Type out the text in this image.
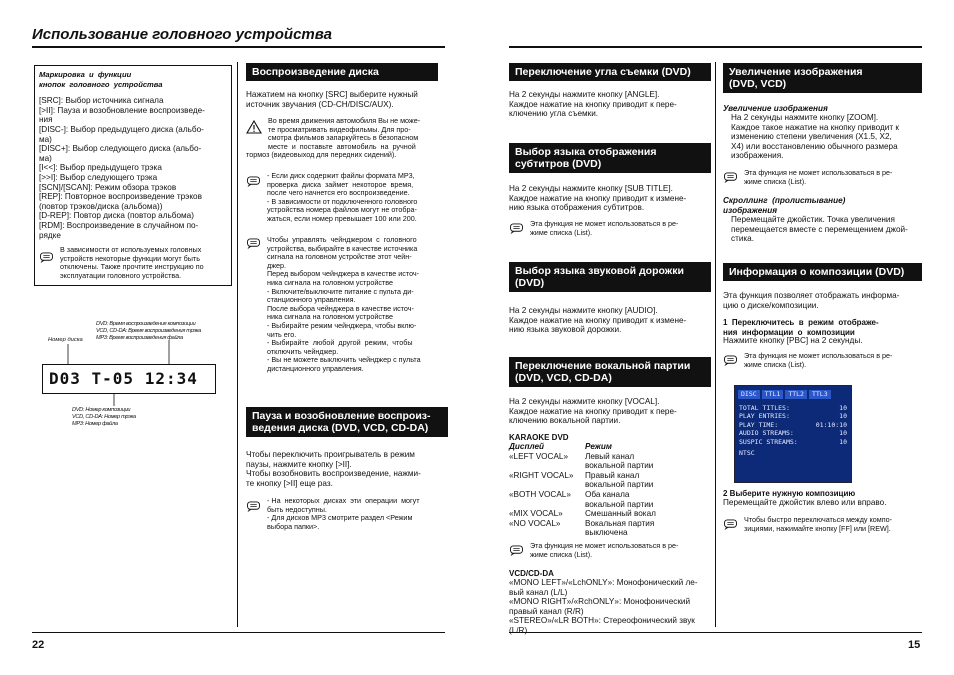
Использование головного устройства
22	15
Маркировка  и  функции
кнопок  головного  устройства
[SRC]: Выбор источника сигнала
[>II]: Пауза и возобновление воспроизведе-
ния
[DISC-]: Выбор предыдущего диска (альбо-
ма)
[DISC+]: Выбор следующего диска (альбо-
ма)
[I<<]: Выбор предыдущего трэка
[>>I]: Выбор следующего трэка
[SCN]/[SCAN]: Режим обзора трэков
[REP]: Повторное воспроизведение трэков
(повтор трэков/диска (альбома))
[D-REP]: Повтор диска (повтор альбома)
[RDM]: Воспроизведение в случайном по-
рядке
В зависимости от используемых головных
устройств некоторые функции могут быть
отключены. Также прочтите инструкцию по
эксплуатации головного устройства.
DVD: Время воспроизведения композиции
VCD, CD-DA: Время воспроизведения трэка
MP3: Время воспроизведения файла
Номер диска
D03 T-05 12:34
DVD: Номер композиции
VCD, CD-DA: Номер трэка
MP3: Номер файла
Воспроизведение диска
Нажатием на кнопку [SRC] выберите нужный
источник звучания (CD-CH/DISC/AUX).
Во время движения автомобиля Вы не може-
те просматривать видеофильмы. Для про-
смотра фильмов запаркуйтесь в безопасном
месте  и  поставьте  автомобиль  на  ручной
тормоз (видеовыход для передних сидений).
- Если диск содержит файлы формата MP3,
проверка  диска  займет  некоторое  время,
после чего начнется его воспроизведение.
- В зависимости от подключенного головного
устройства номера файлов могут не отобра-
жаться, если номер превышает 100 или 200.
Чтобы  управлять  чейнджером  с  головного
устройства, выбирайте в качестве источника
сигнала на головном устройстве этот чейн-
джер.
Перед выбором чейнджера в качестве источ-
ника сигнала на головном устройстве
- Включите/выключите питание с пульта ди-
станционного управления.
После выбора чейнджера в качестве источ-
ника сигнала на головном устройстве
- Выбирайте режим чейнджера, чтобы вклю-
чить его.
- Выбирайте  любой  другой  режим,  чтобы
отключить чейнджер.
- Вы не можете выключить чейнджер с пульта
дистанционного управления.
Пауза и возобновление воспроиз-
ведения диска (DVD, VCD, CD-DA)
Чтобы переключить проигрыватель в режим
паузы, нажмите кнопку [>II].
Чтобы возобновить воспроизведение, нажми-
те кнопку [>II] еще раз.
- На  некоторых  дисках  эти  операции  могут
быть недоступны.
- Для дисков MP3 смотрите раздел <Режим
выбора папки>.
Переключение угла съемки (DVD)
На 2 секунды нажмите кнопку [ANGLE].
Каждое нажатие на кнопку приводит к пере-
ключению угла съемки.
Выбор языка отображения
субтитров (DVD)
На 2 секунды нажмите кнопку [SUB TITLE].
Каждое нажатие на кнопку приводит к измене-
нию языка отображения субтитров.
Эта функция не может использоваться в ре-
жиме списка (List).
Выбор языка звуковой дорожки
(DVD)
На 2 секунды нажмите кнопку [AUDIO].
Каждое нажатие на кнопку приводит к измене-
нию языка звуковой дорожки.
Переключение вокальной партии
(DVD, VCD, CD-DA)
На 2 секунды нажмите кнопку [VOCAL].
Каждое нажатие на кнопку приводит к пере-
ключению вокальной партии.
KARAOKE DVD
Дисплей	Режим
«LEFT VOCAL»	Левый канал
вокальной партии
«RIGHT VOCAL»	Правый канал
вокальной партии
«BOTH VOCAL»	Оба канала
вокальной партии
«MIX VOCAL»	Смешанный вокал
«NO VOCAL»	Вокальная партия
выключена
Эта функция не может использоваться в ре-
жиме списка (List).
VCD/CD-DA
«MONO LEFT»/«LchONLY»: Монофонический ле-
вый канал (L/L)
«MONO RIGHT»/«RchONLY»: Монофонический
правый канал (R/R)
«STEREO»/«LR BOTH»: Стереофонический звук
(L/R)
Увеличение изображения
(DVD, VCD)
Увеличение изображения
На 2 секунды нажмите кнопку [ZOOM].
Каждое такое нажатие на кнопку приводит к
изменению степени увеличения (X1.5, X2,
X4) или восстановлению обычного размера
изображения.
Эта функция не может использоваться в ре-
жиме списка (List).
Скроллинг  (пролистывание)
изображения
Перемещайте джойстик. Точка увеличения
перемещается вместе с перемещением джой-
стика.
Информация о композиции (DVD)
Эта функция позволяет отображать информа-
цию о диске/композиции.
1  Переключитесь  в  режим  отображе-
ния  информации  о  композиции
Нажмите кнопку [PBC] на 2 секунды.
Эта функция не может использоваться в ре-
жиме списка (List).
DISC TTL1 TTL2 TTL3
TOTAL TITLES:	10
PLAY ENTRIES:	10
PLAY TIME:	01:10:10
AUDIO STREAMS:	10
SUSPIC STREAMS:	10
NTSC
2 Выберите нужную композицию
Перемещайте джойстик влево или вправо.
Чтобы быстро переключаться между компо-
зициями, нажимайте кнопку [FF] или [REW].
